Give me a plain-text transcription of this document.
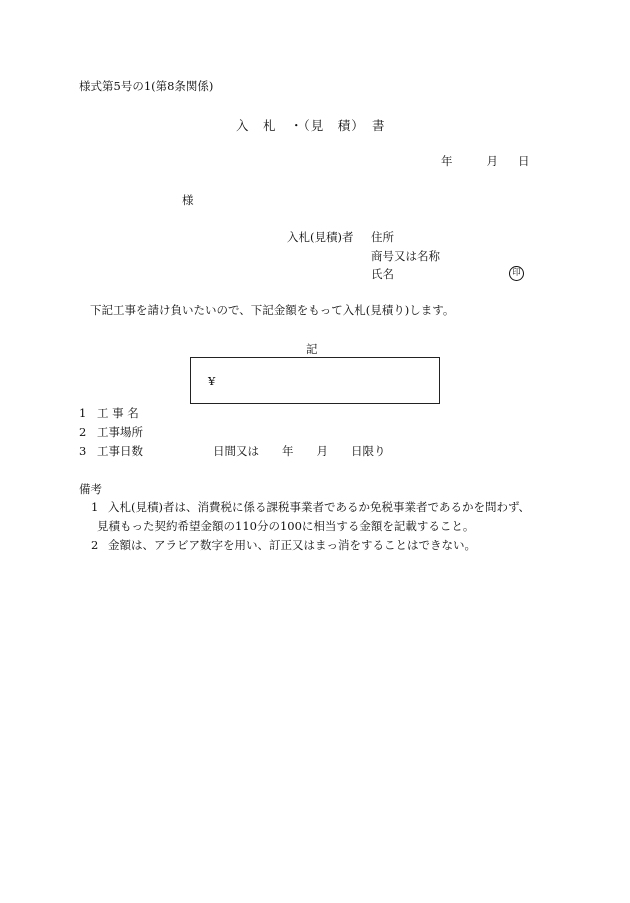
様式第5号の1(第8条関係)
入　札　・（見　積）　書
年	月 日
様
入札(見積)者 住所
商号又は名称
氏名	印
下記工事を請け負いたいので、下記金額をもって入札(見積り)します。
記
¥
1 工 事 名
2 工事場所
3 工事日数	日間又は　　年　　月　　日限り
備考
1 入札(見積)者は、消費税に係る課税事業者であるか免税事業者であるかを問わず、
見積もった契約希望金額の110分の100に相当する金額を記載すること。
2 金額は、アラビア数字を用い、訂正又はまっ消をすることはできない。
